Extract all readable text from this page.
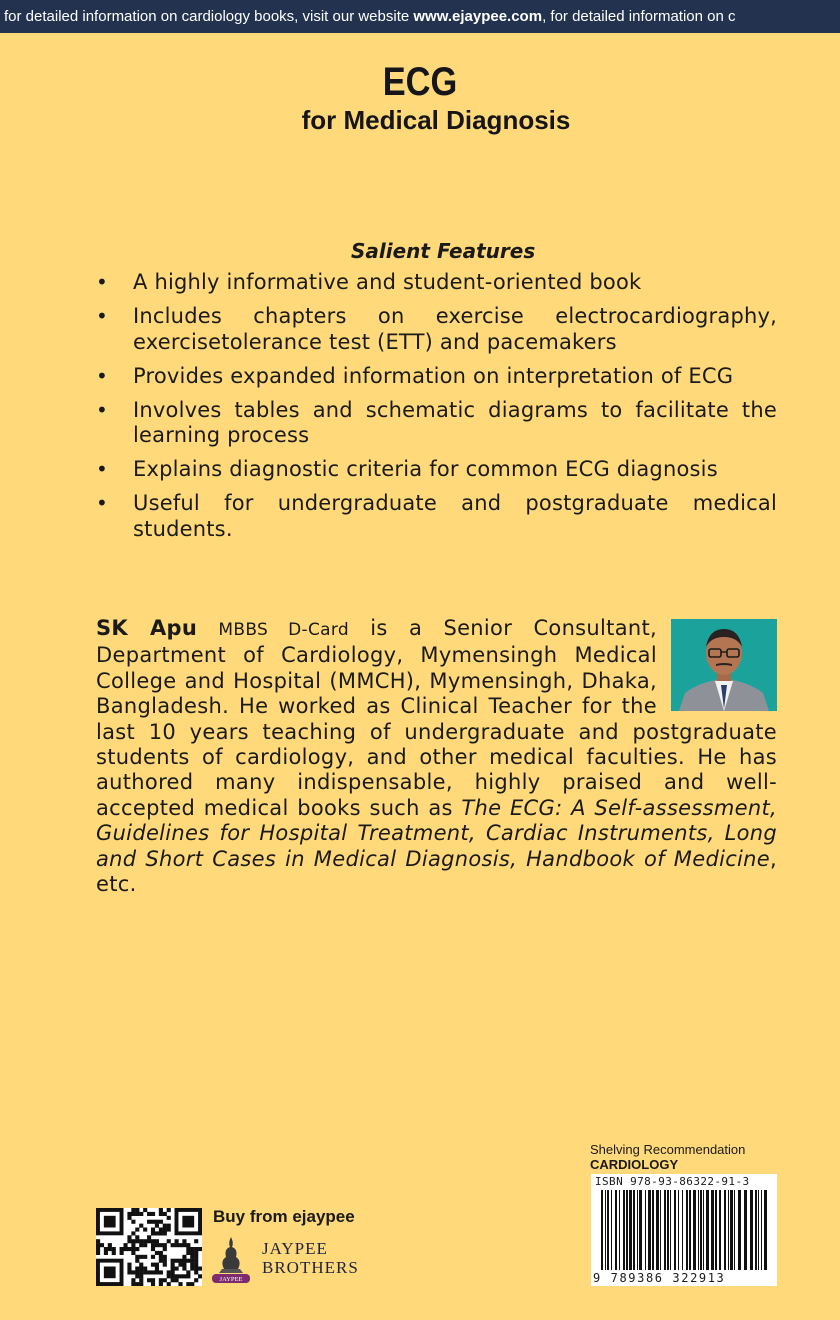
for detailed information on cardiology books, visit our website www.ejaypee.com, for detailed information on c
ECG
for Medical Diagnosis
Salient Features
• A highly informative and student-oriented book
• Includes chapters on exercise electrocardiography, exercisetolerance test (ETT) and pacemakers
• Provides expanded information on interpretation of ECG
• Involves tables and schematic diagrams to facilitate the learning process
• Explains diagnostic criteria for common ECG diagnosis
• Useful for undergraduate and postgraduate medical students.
SK Apu MBBS D-Card is a Senior Consultant, Department of Cardiology, Mymensingh Medical College and Hospital (MMCH), Mymensingh, Dhaka, Bangladesh. He worked as Clinical Teacher for the last 10 years teaching of undergraduate and postgraduate students of cardiology, and other medical faculties. He has authored many indispensable, highly praised and well-accepted medical books such as The ECG: A Self-assessment, Guidelines for Hospital Treatment, Cardiac Instruments, Long and Short Cases in Medical Diagnosis, Handbook of Medicine, etc.
Shelving Recommendation
CARDIOLOGY
ISBN 978-93-86322-91-3
9 789386 322913
Buy from ejaypee
JAYPEE
JAYPEE
BROTHERS
